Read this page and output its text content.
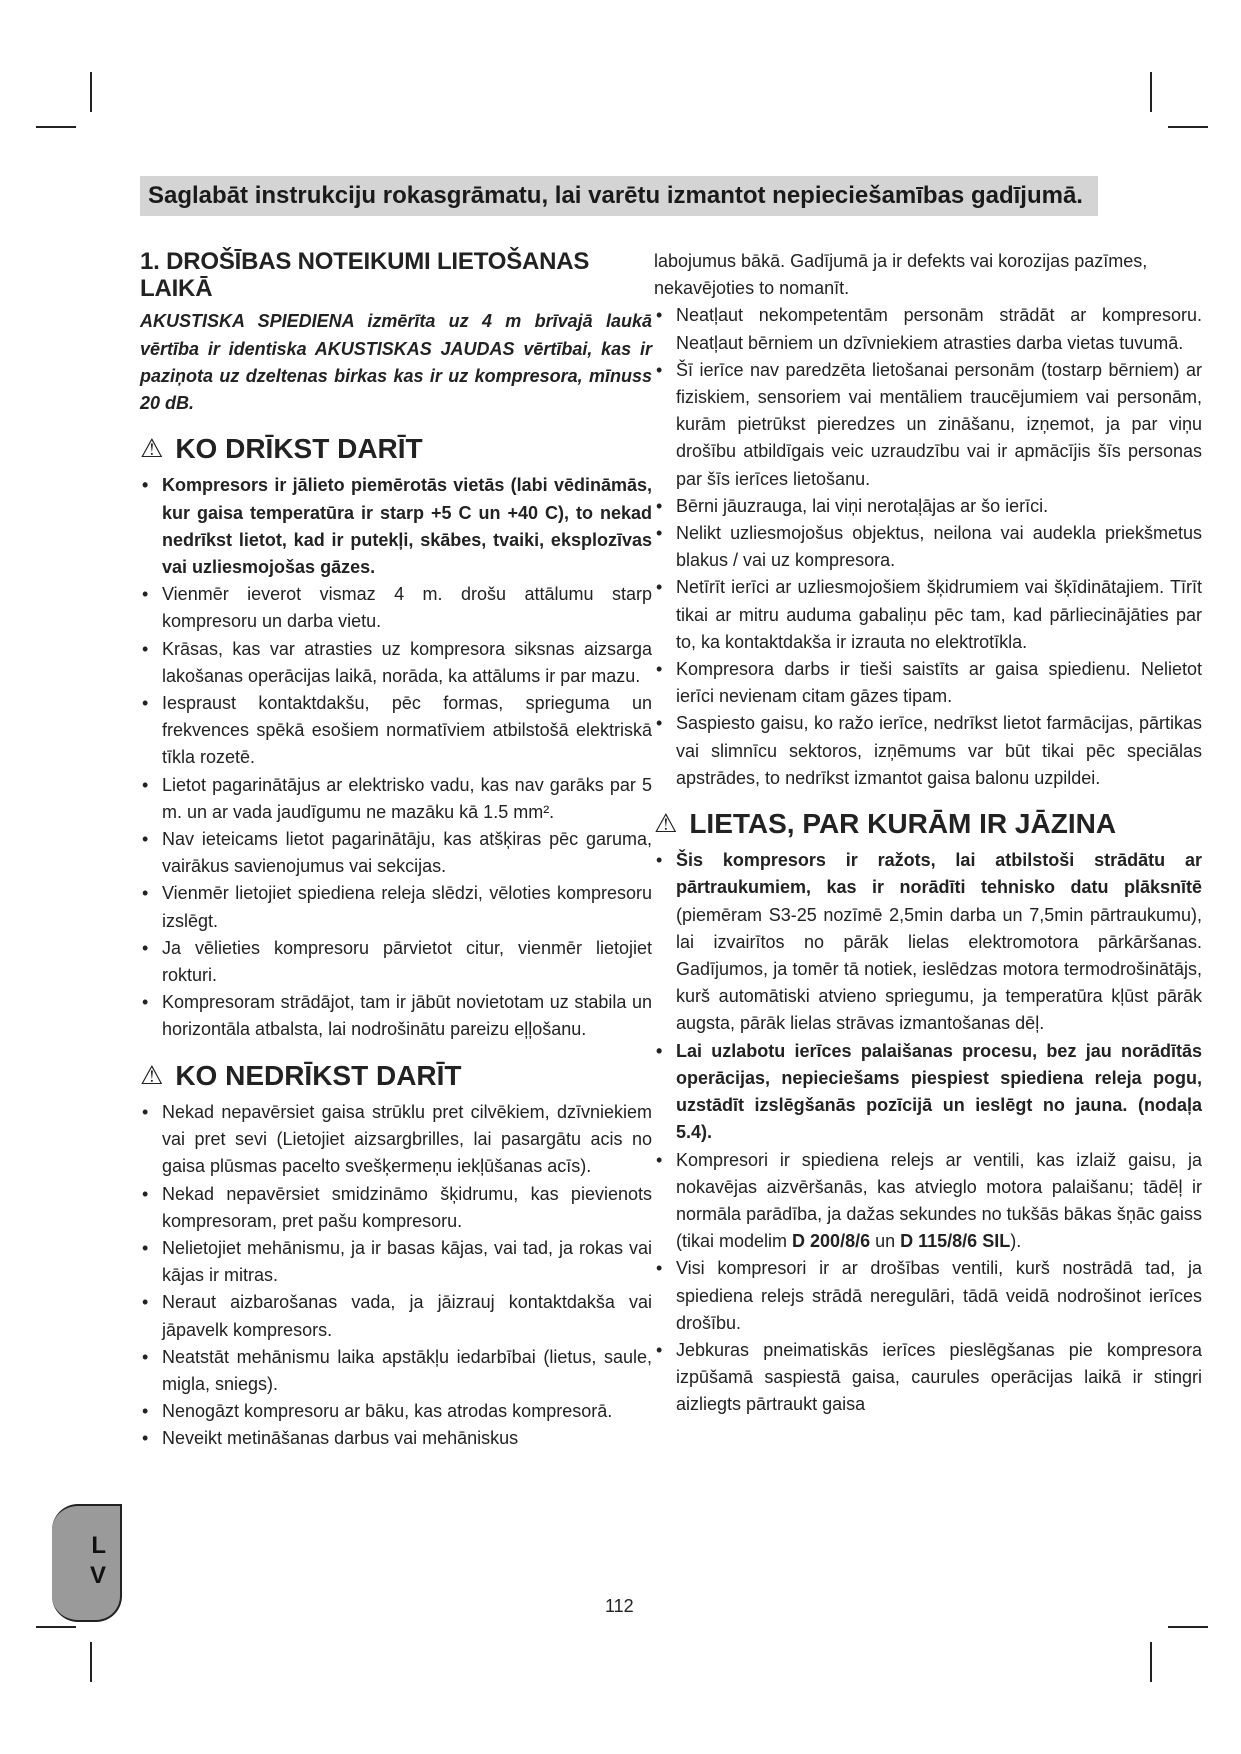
Saglabāt instrukciju rokasgrāmatu, lai varētu izmantot nepieciešamības gadījumā.
1. DROŠĪBAS NOTEIKUMI LIETOŠANAS LAIKĀ

AKUSTISKA SPIEDIENA izmērīta uz 4 m brīvajā laukā vērtība ir identiska AKUSTISKAS JAUDAS vērtībai, kas ir paziņota uz dzeltenas birkas kas ir uz kompresora, mīnuss 20 dB.

⚠ KO DRĪKST DARĪT
• Kompresors ir jālieto piemērotās vietās (labi vēdināmās, kur gaisa temperatūra ir starp +5 C un +40 C), to nekad nedrīkst lietot, kad ir putekļi, skābes, tvaiki, eksplozīvas vai uzliesmojošas gāzes.
• Vienmēr ieverot vismaz 4 m. drošu attālumu starp kompresoru un darba vietu.
• Krāsas, kas var atrasties uz kompresora siksnas aizsarga lakošanas operācijas laikā, norāda, ka attālums ir par mazu.
• Iespraust kontaktdakšu, pēc formas, sprieguma un frekvences spēkā esošiem normatīviem atbilstošā elektriskā tīkla rozetē.
• Lietot pagarinātājus ar elektrisko vadu, kas nav garāks par 5 m. un ar vada jaudīgumu ne mazāku kā 1.5 mm².
• Nav ieteicams lietot pagarinātāju, kas atšķiras pēc garuma, vairākus savienojumus vai sekcijas.
• Vienmēr lietojiet spiediena releja slēdzi, vēloties kompresoru izslēgt.
• Ja vēlieties kompresoru pārvietot citur, vienmēr lietojiet rokturi.
• Kompresoram strādājot, tam ir jābūt novietotam uz stabila un horizontāla atbalsta, lai nodrošinātu pareizu eļļošanu.
⚠ KO NEDRĪKST DARĪT
• Nekad nepavērsiet gaisa strūklu pret cilvēkiem, dzīvniekiem vai pret sevi (Lietojiet aizsargbrilles, lai pasargātu acis no gaisa plūsmas pacelto svešķermeņu iekļūšanas acīs).
• Nekad nepavērsiet smidzināmo šķidrumu, kas pievienots kompresoram, pret pašu kompresoru.
• Nelietojiet mehānismu, ja ir basas kājas, vai tad, ja rokas vai kājas ir mitras.
• Neraut aizbarošanas vada, ja jāizrauj kontaktdakša vai jāpavelk kompresors.
• Neatstāt mehānismu laika apstākļu iedarbībai (lietus, saule, migla, sniegs).
• Nenogāzt kompresoru ar bāku, kas atrodas kompresorā.
• Neveikt metināšanas darbus vai mehāniskus

labojumus bākā. Gadījumā ja ir defekts vai korozijas pazīmes, nekavējoties to nomanīt.

• Neatļaut nekompetentām personām strādāt ar kompresoru. Neatļaut bērniem un dzīvniekiem atrasties darba vietas tuvumā.
• Šī ierīce nav paredzēta lietošanai personām (tostarp bērniem) ar fiziskiem, sensoriem vai mentāliem traucējumiem vai personām, kurām pietrūkst pieredzes un zināšanu, izņemot, ja par viņu drošību atbildīgais veic uzraudzību vai ir apmācījis šīs personas par šīs ierīces lietošanu.
• Bērni jāuzrauga, lai viņi nerotaļājas ar šo ierīci.
• Nelikt uzliesmojošus objektus, neilona vai audekla priekšmetus blakus / vai uz kompresora.
• Netīrīt ierīci ar uzliesmojošiem šķidrumiem vai šķīdinātajiem. Tīrīt tikai ar mitru auduma gabaliņu pēc tam, kad pārliecinājāties par to, ka kontaktdakša ir izrauta no elektrotīkla.
• Kompresora darbs ir tieši saistīts ar gaisa spiedienu. Nelietot ierīci nevienam citam gāzes tipam.
• Saspiesto gaisu, ko ražo ierīce, nedrīkst lietot farmācijas, pārtikas vai slimnīcu sektoros, izņēmums var būt tikai pēc speciālas apstrādes, to nedrīkst izmantot gaisa balonu uzpildei.
⚠ LIETAS, PAR KURĀM IR JĀZINA
• Šis kompresors ir ražots, lai atbilstoši strādātu ar pārtraukumiem, kas ir norādīti tehnisko datu plāksnītē (piemēram S3-25 nozīmē 2,5min darba un 7,5min pārtraukumu), lai izvairītos no pārāk lielas elektromotora pārkāršanas. Gadījumos, ja tomēr tā notiek, ieslēdzas motora termodrošinātājs, kurš automātiski atvieno spriegumu, ja temperatūra kļūst pārāk augsta, pārāk lielas strāvas izmantošanas dēļ.
• Lai uzlabotu ierīces palaišanas procesu, bez jau norādītās operācijas, nepieciešams piespiest spiediena releja pogu, uzstādīt izslēgšanās pozīcijā un ieslēgt no jauna. (nodaļa 5.4).
• Kompresori ir spiediena relejs ar ventili, kas izlaiž gaisu, ja nokavējas aizvēršanās, kas atvieglo motora palaišanu; tādēļ ir normāla parādība, ja dažas sekundes no tukšās bākas šņāc gaiss (tikai modelim D 200/8/6 un D 115/8/6 SIL).
• Visi kompresori ir ar drošības ventili, kurš nostrādā tad, ja spiediena relejs strādā neregulāri, tādā veidā nodrošinot ierīces drošību.
• Jebkuras pneimatiskās ierīces pieslēgšanas pie kompresora izpūšamā saspiestā gaisa, caurules operācijas laikā ir stingri aizliegts pārtraukt gaisa
L
V
112
